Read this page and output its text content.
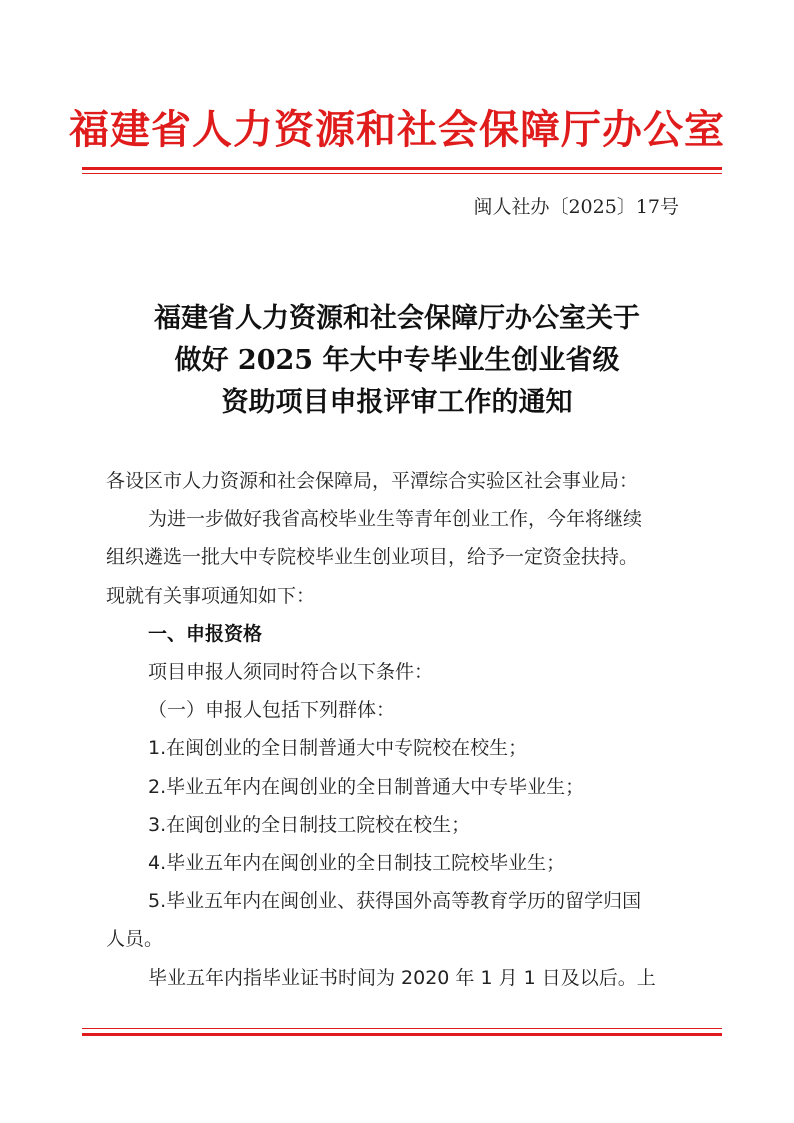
福建省人力资源和社会保障厅办公室
闽人社办〔2025〕17号
福建省人力资源和社会保障厅办公室关于
做好 2025 年大中专毕业生创业省级
资助项目申报评审工作的通知

各设区市人力资源和社会保障局，平潭综合实验区社会事业局：

为进一步做好我省高校毕业生等青年创业工作，今年将继续

组织遴选一批大中专院校毕业生创业项目，给予一定资金扶持。

现就有关事项通知如下：

一、申报资格

项目申报人须同时符合以下条件：

（一）申报人包括下列群体：

1.在闽创业的全日制普通大中专院校在校生；

2.毕业五年内在闽创业的全日制普通大中专毕业生；

3.在闽创业的全日制技工院校在校生；

4.毕业五年内在闽创业的全日制技工院校毕业生；

5.毕业五年内在闽创业、获得国外高等教育学历的留学归国

人员。

毕业五年内指毕业证书时间为 2020 年 1 月 1 日及以后。上
